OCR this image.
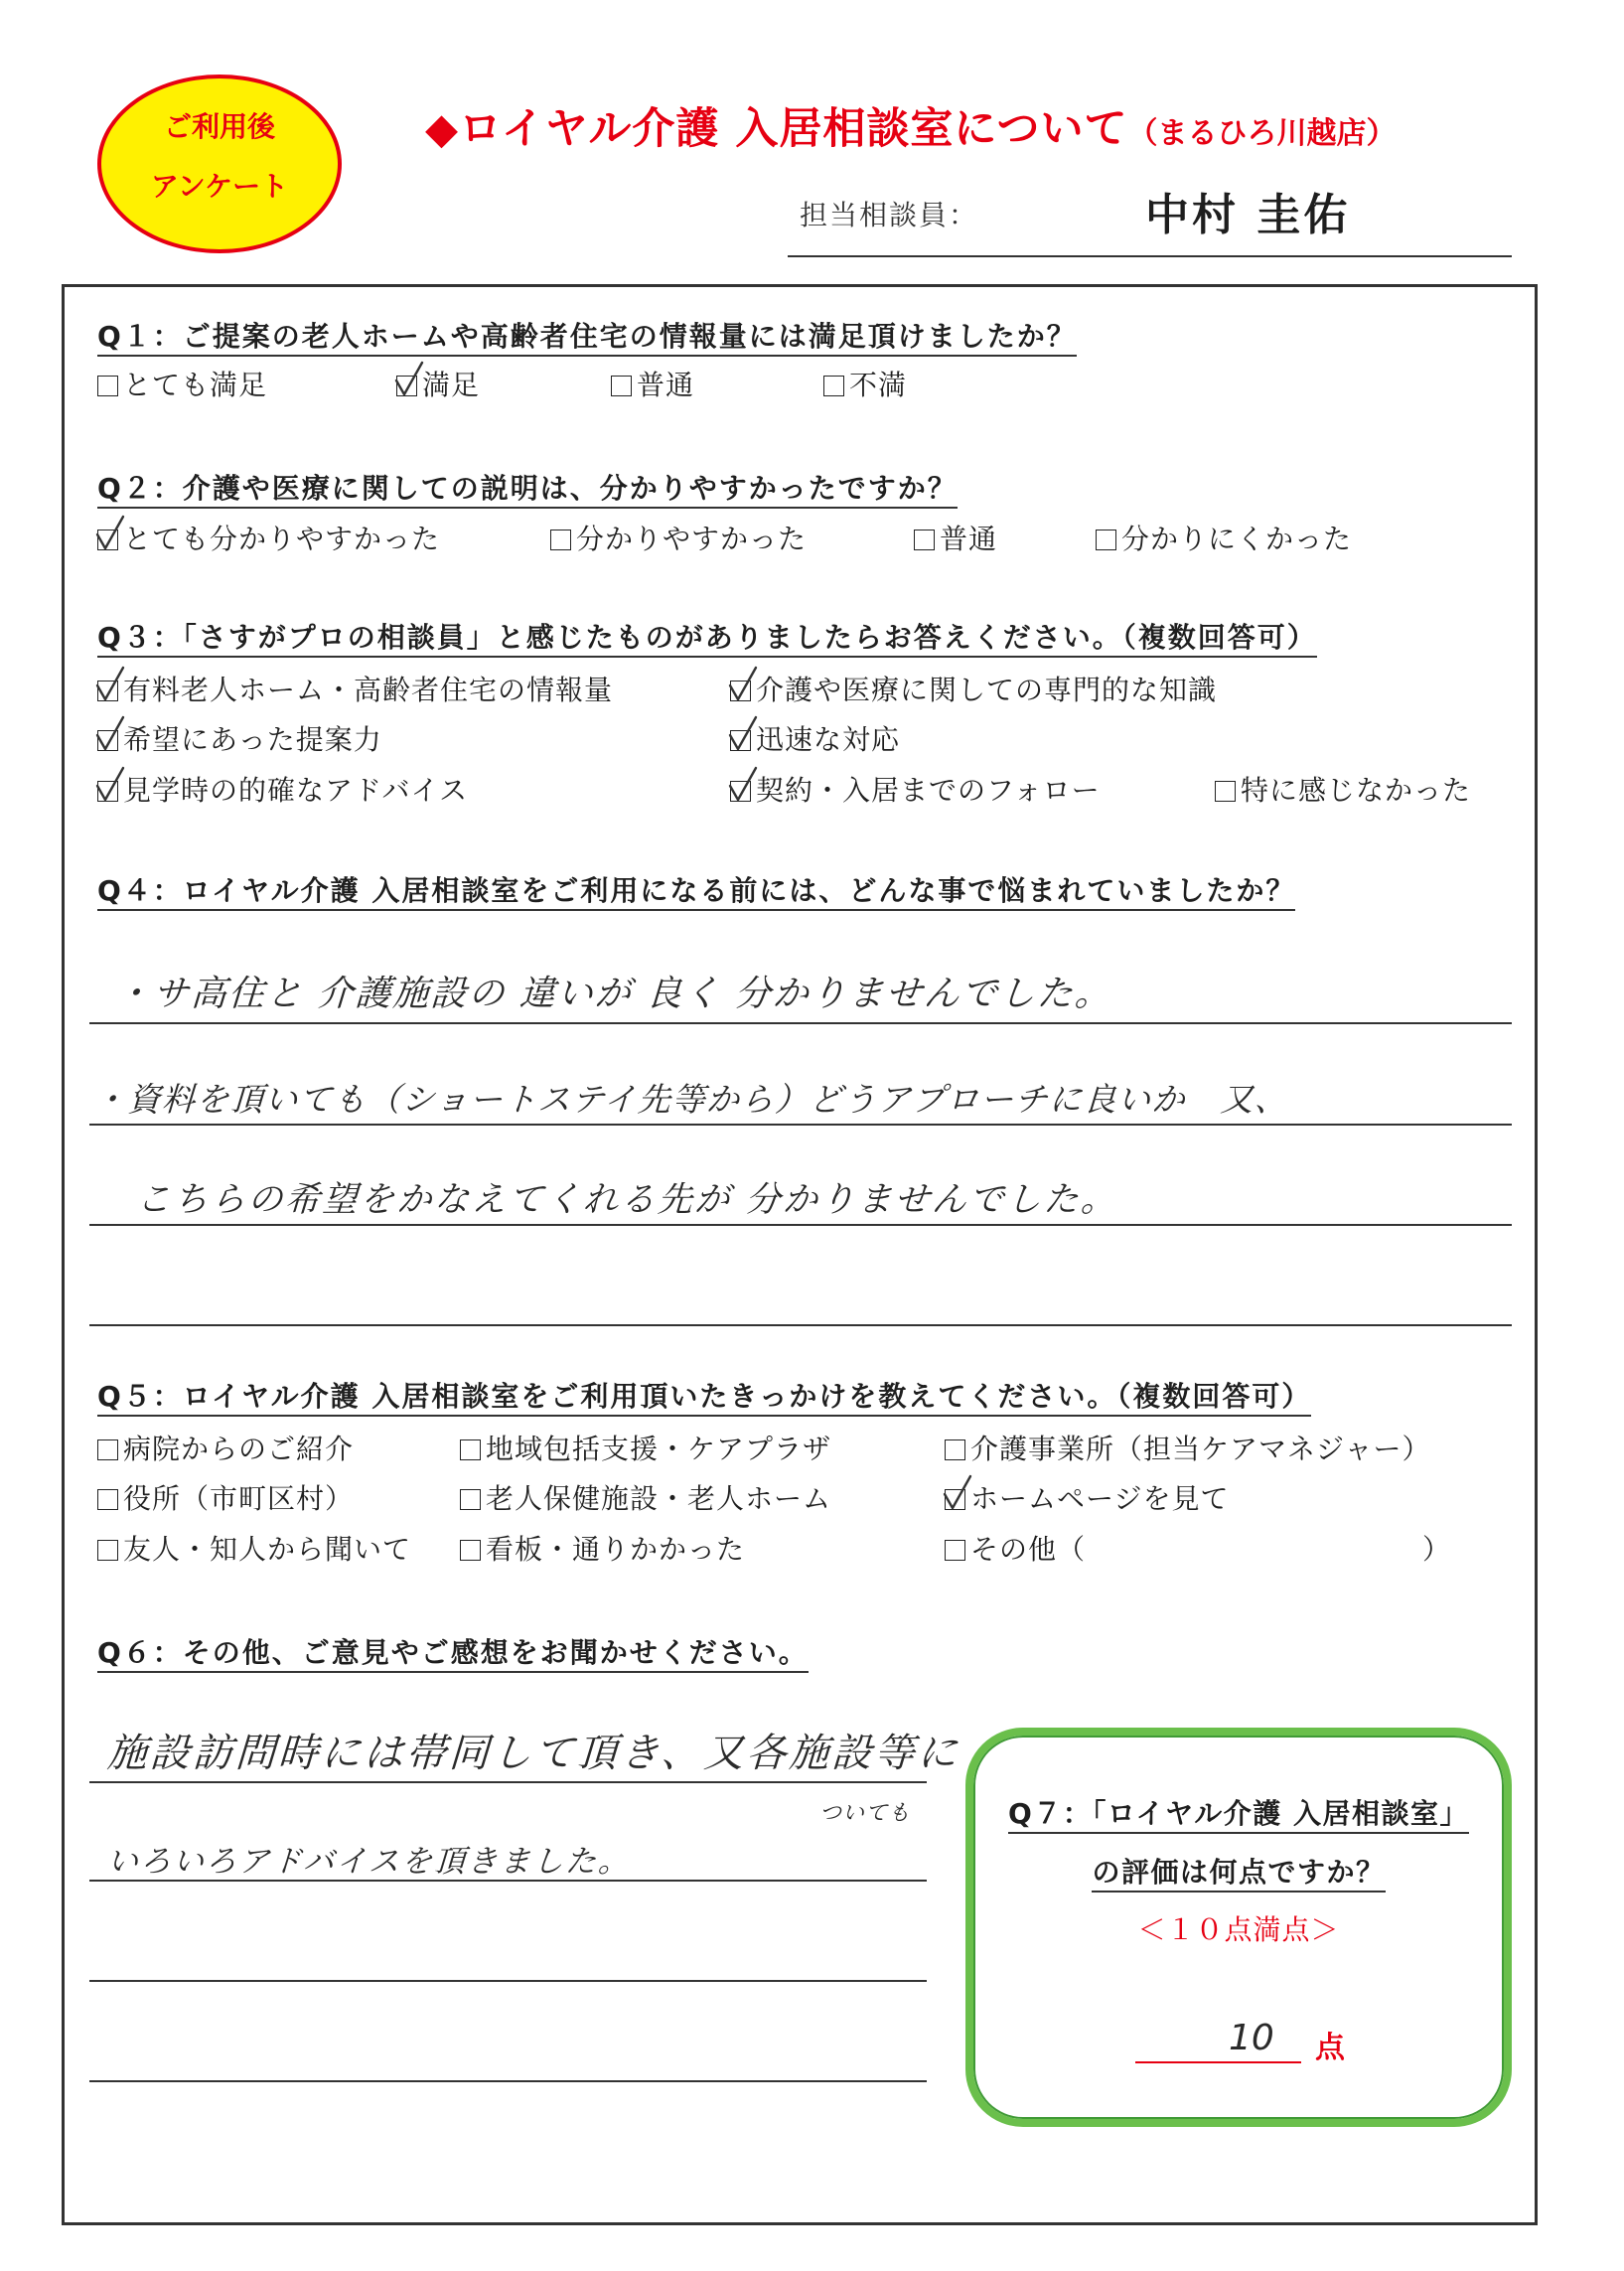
ご利用後
アンケート
◆ロイヤル介護 入居相談室について（まるひろ川越店）
担当相談員：	中村 圭佑
Q１：ご提案の老人ホームや高齢者住宅の情報量には満足頂けましたか？
とても満足	満足	普通	不満
Q２：介護や医療に関しての説明は、分かりやすかったですか？
とても分かりやすかった	分かりやすかった	普通	分かりにくかった
Q３：「さすがプロの相談員」と感じたものがありましたらお答えください。（複数回答可）
有料老人ホーム・高齢者住宅の情報量	介護や医療に関しての専門的な知識
希望にあった提案力	迅速な対応
見学時の的確なアドバイス	契約・入居までのフォロー	特に感じなかった
Q４：ロイヤル介護 入居相談室をご利用になる前には、どんな事で悩まれていましたか？
・サ高住と 介護施設の 違いが 良く 分かりませんでした。
・資料を頂いても（ショートステイ先等から）どうアプローチに良いか　又、
こちらの希望をかなえてくれる先が 分かりませんでした。
Q５：ロイヤル介護 入居相談室をご利用頂いたきっかけを教えてください。（複数回答可）
病院からのご紹介	地域包括支援・ケアプラザ	介護事業所（担当ケアマネジャー）
役所（市町区村）	老人保健施設・老人ホーム	ホームページを見て
友人・知人から聞いて	看板・通りかかった	その他（	）
Q６：その他、ご意見やご感想をお聞かせください。
施設訪問時には帯同して頂き、又各施設等に
ついても
いろいろアドバイスを頂きました。
Q７：「ロイヤル介護 入居相談室」
の評価は何点ですか？
＜１０点満点＞
10 点
